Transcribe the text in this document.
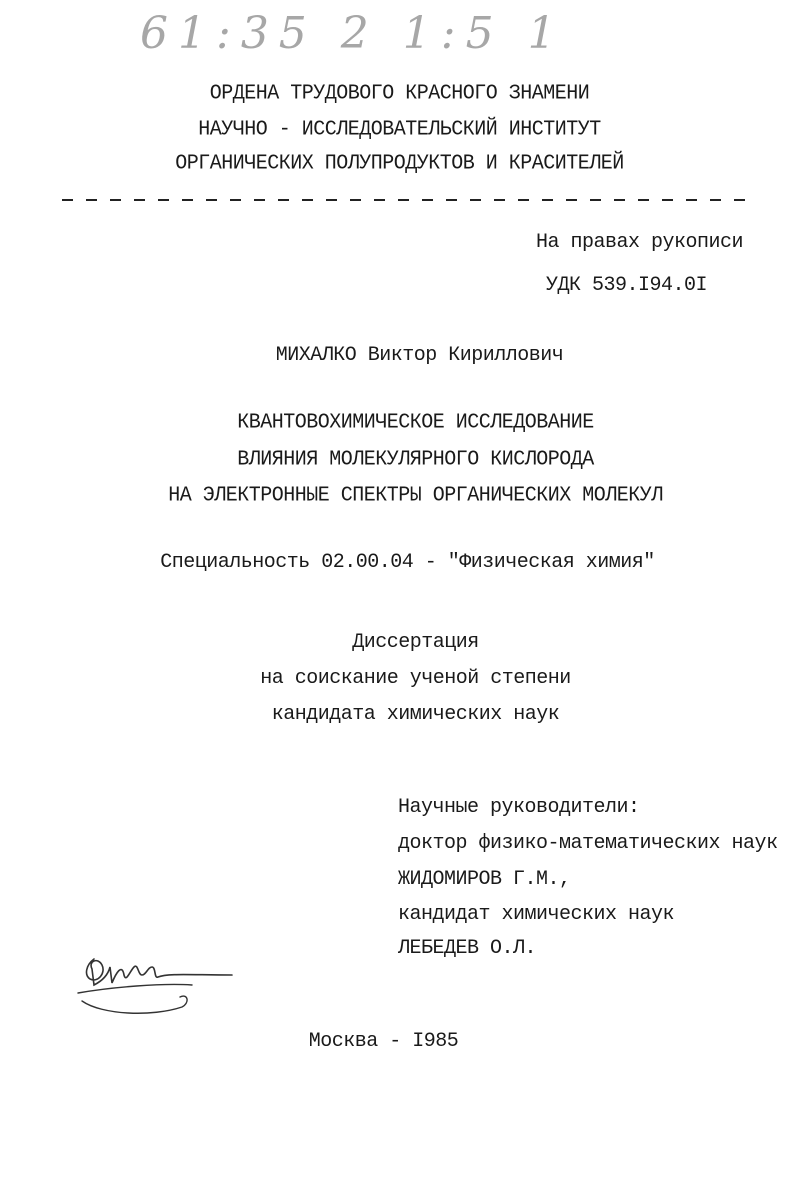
61:35 2 1:5 1
ОРДЕНА ТРУДОВОГО КРАСНОГО ЗНАМЕНИ
НАУЧНО - ИССЛЕДОВАТЕЛЬСКИЙ ИНСТИТУТ
ОРГАНИЧЕСКИХ ПОЛУПРОДУКТОВ И КРАСИТЕЛЕЙ
На правах рукописи
УДК 539.I94.0I
МИХАЛКО Виктор Кириллович
КВАНТОВОХИМИЧЕСКОЕ ИССЛЕДОВАНИЕ
ВЛИЯНИЯ МОЛЕКУЛЯРНОГО КИСЛОРОДА
НА ЭЛЕКТРОННЫЕ СПЕКТРЫ ОРГАНИЧЕСКИХ МОЛЕКУЛ
Специальность 02.00.04 - "Физическая химия"
Диссертация
на соискание ученой степени
кандидата химических наук
Научные руководители:
доктор физико-математических наук
ЖИДОМИРОВ Г.М.,
кандидат химических наук
ЛЕБЕДЕВ О.Л.
Москва - I985
